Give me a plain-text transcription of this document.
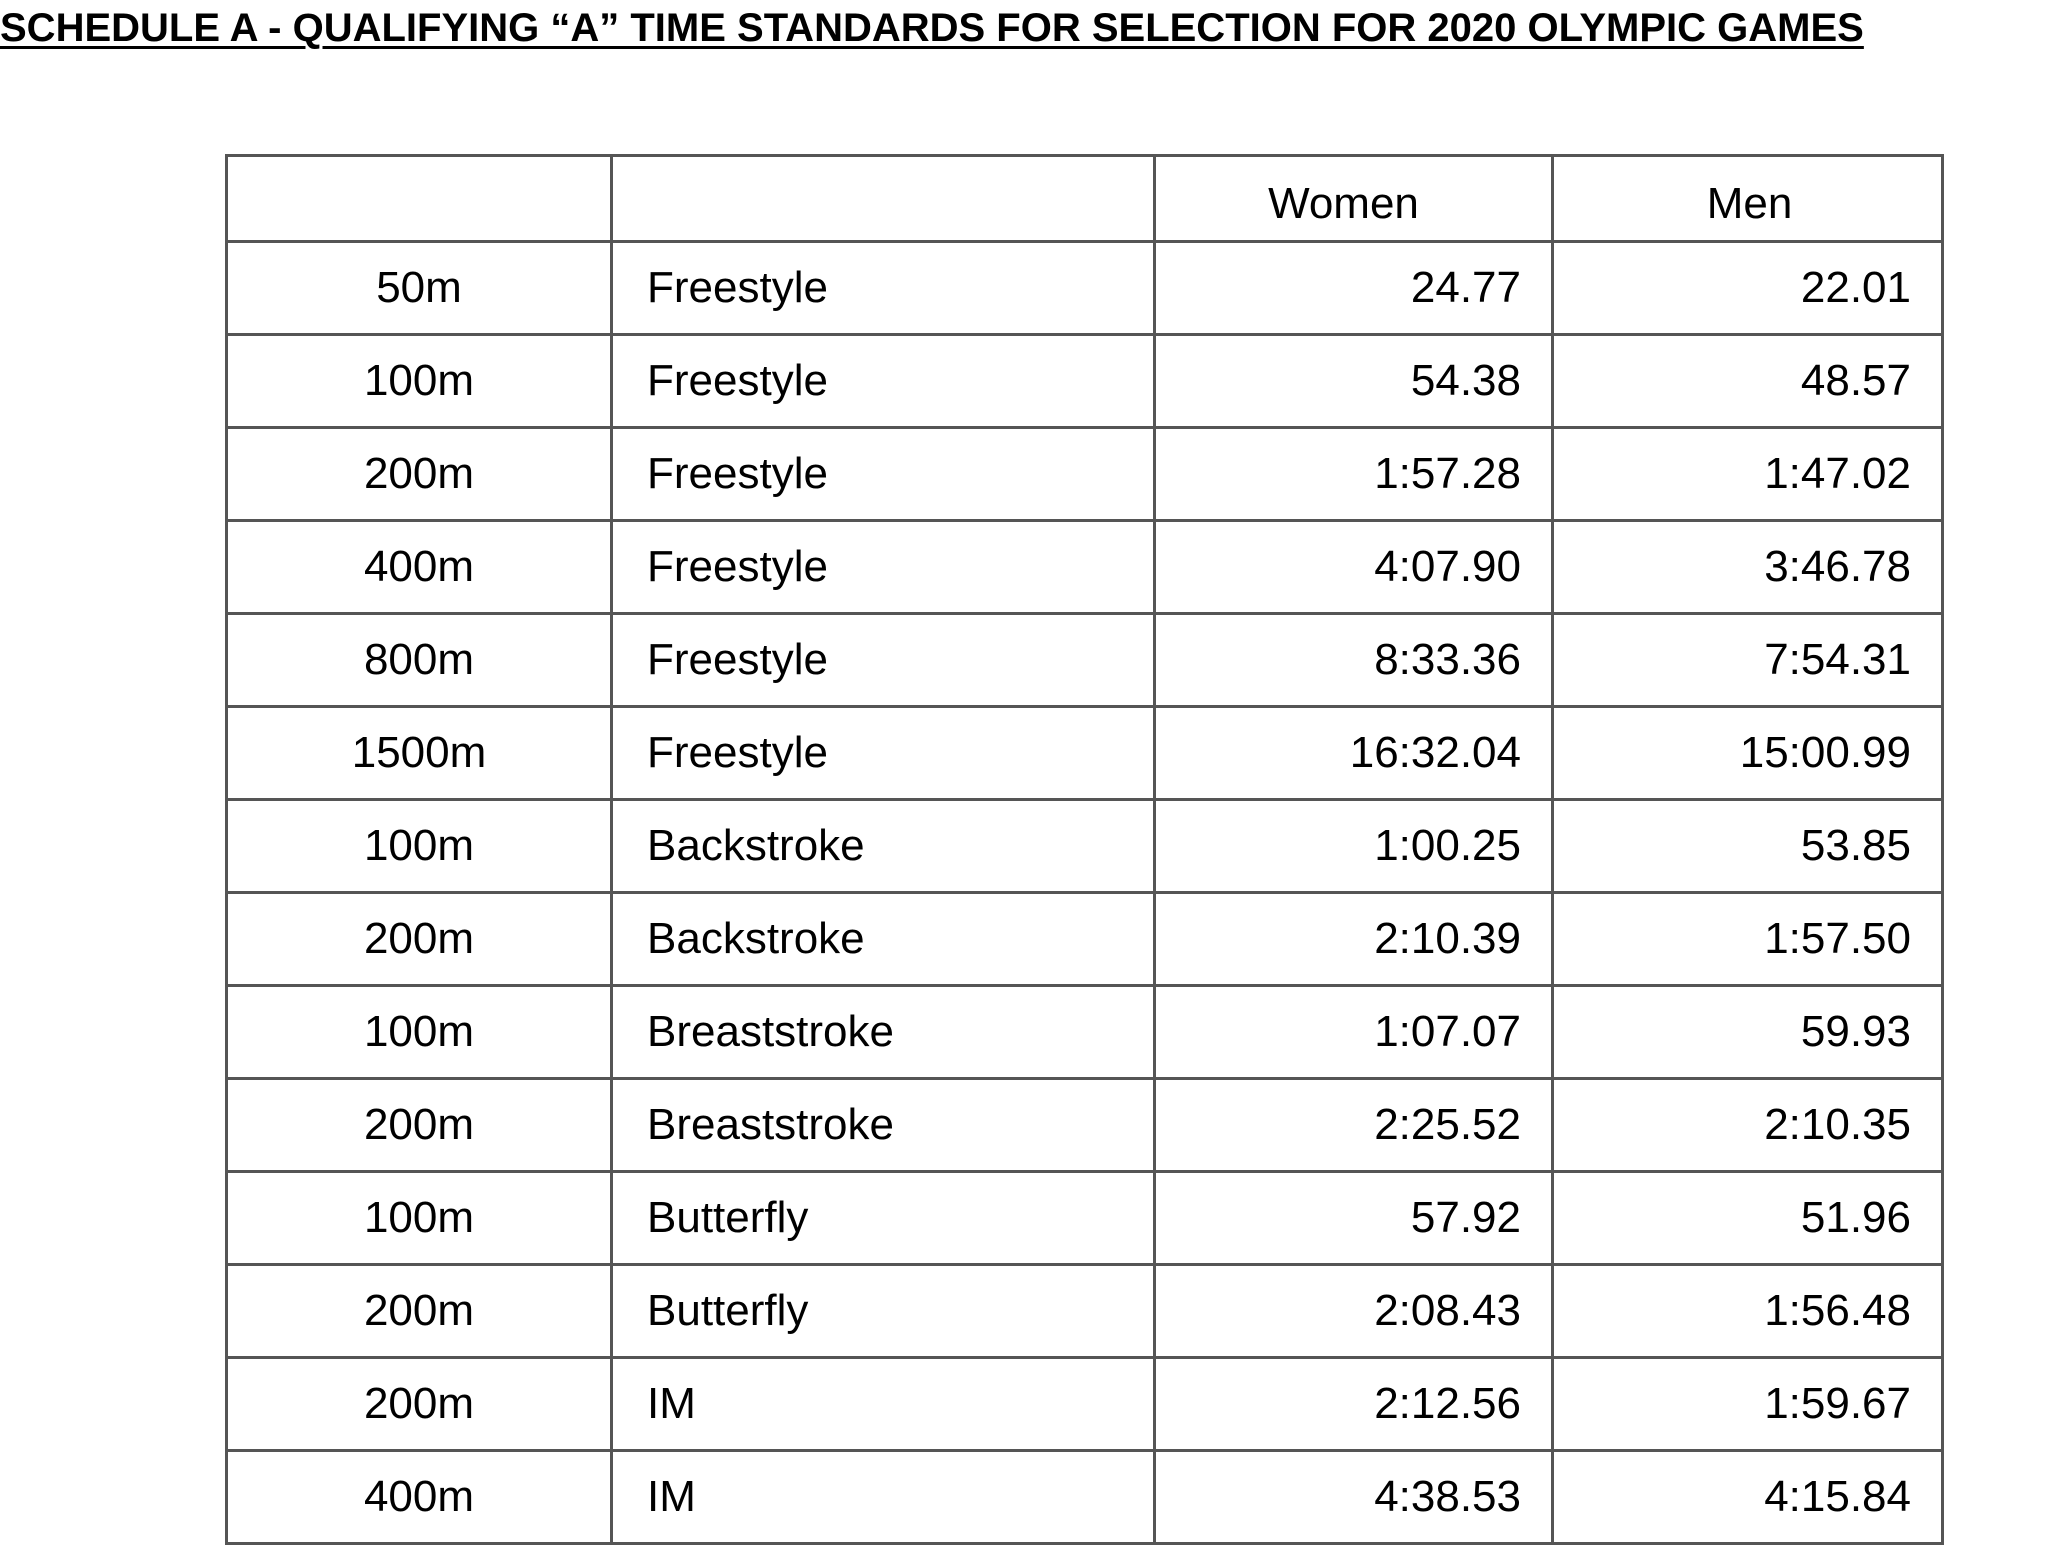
SCHEDULE A - QUALIFYING “A” TIME STANDARDS FOR SELECTION FOR 2020 OLYMPIC GAMES
		Women	Men
50m	Freestyle	24.77	22.01
100m	Freestyle	54.38	48.57
200m	Freestyle	1:57.28	1:47.02
400m	Freestyle	4:07.90	3:46.78
800m	Freestyle	8:33.36	7:54.31
1500m	Freestyle	16:32.04	15:00.99
100m	Backstroke	1:00.25	53.85
200m	Backstroke	2:10.39	1:57.50
100m	Breaststroke	1:07.07	59.93
200m	Breaststroke	2:25.52	2:10.35
100m	Butterfly	57.92	51.96
200m	Butterfly	2:08.43	1:56.48
200m	IM	2:12.56	1:59.67
400m	IM	4:38.53	4:15.84
